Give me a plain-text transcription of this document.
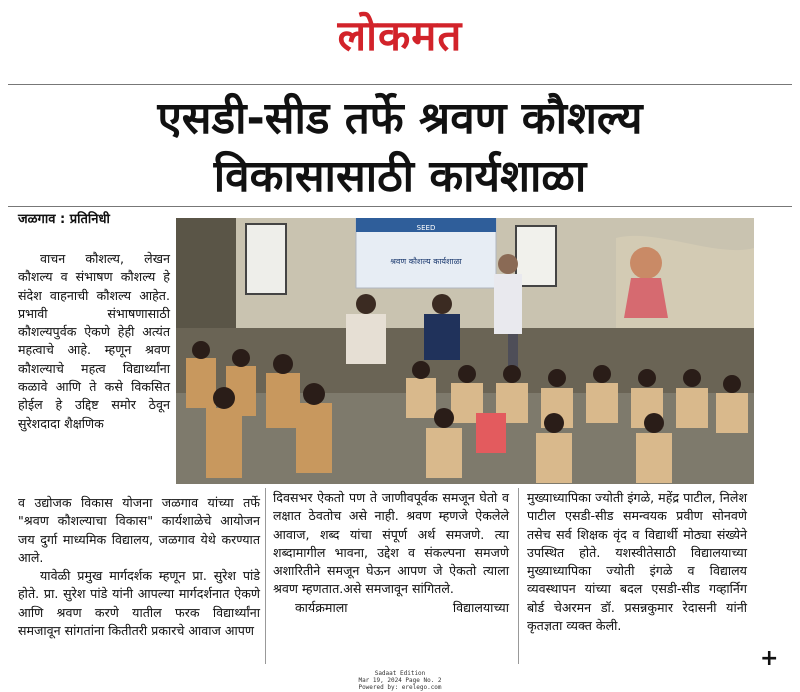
लोकमत
एसडी-सीड तर्फे श्रवण कौशल्य
विकासासाठी कार्यशाळा
जळगाव : प्रतिनिधी
श्रवण कौशल्य कार्यशाळा
SEED

वाचन कौशल्य, लेखन कौशल्य व संभाषण कौशल्य हे संदेश वाहनाची कौशल्य आहेत. प्रभावी संभाषणासाठी कौशल्यपुर्वक ऐकणे हेही अत्यंत महत्वाचे आहे. म्हणून श्रवण कौशल्याचे महत्व विद्यार्थ्यांना कळावे आणि ते कसे विकसित होईल हे उद्दिष्ट समोर ठेवून सुरेशदादा शैक्षणिक

व उद्योजक विकास योजना जळगाव यांच्या तर्फे "श्रवण कौशल्याचा विकास" कार्यशाळेचे आयोजन जय दुर्गा माध्यमिक विद्यालय, जळगाव येथे करण्यात आले.

यावेळी प्रमुख मार्गदर्शक म्हणून प्रा. सुरेश पांडे होते. प्रा. सुरेश पांडे यांनी आपल्या मार्गदर्शनात ऐकणे आणि श्रवण करणे यातील फरक विद्यार्थ्यांना समजावून सांगतांना कितीतरी प्रकारचे आवाज आपण

दिवसभर ऐकतो पण ते जाणीवपूर्वक समजून घेतो व लक्षात ठेवतोच असे नाही. श्रवण म्हणजे ऐकलेले आवाज, शब्द यांचा संपूर्ण अर्थ समजणे. त्या शब्दामागील भावना, उद्देश व संकल्पना समजणे अशारितीने समजून घेऊन आपण जे ऐकतो त्याला श्रवण म्हणतात.असे समजावून सांगितले.

कार्यक्रमाला विद्यालयाच्या

मुख्याध्यापिका ज्योती इंगळे, महेंद्र पाटील, निलेश पाटील एसडी-सीड समन्वयक प्रवीण सोनवणे तसेच सर्व शिक्षक वृंद व विद्यार्थी मोठ्या संख्येने उपस्थित होते. यशस्वीतेसाठी विद्यालयाच्या मुख्याध्यापिका ज्योती इंगळे व विद्यालय व्यवस्थापन यांच्या बदल एसडी-सीड गव्हार्निग बोर्ड चेअरमन डॉ. प्रसन्नकुमार रेदासनी यांनी कृतज्ञता व्यक्त केली.

+
Sadaat Edition
Mar 19, 2024 Page No. 2
Powered by: erelego.com
